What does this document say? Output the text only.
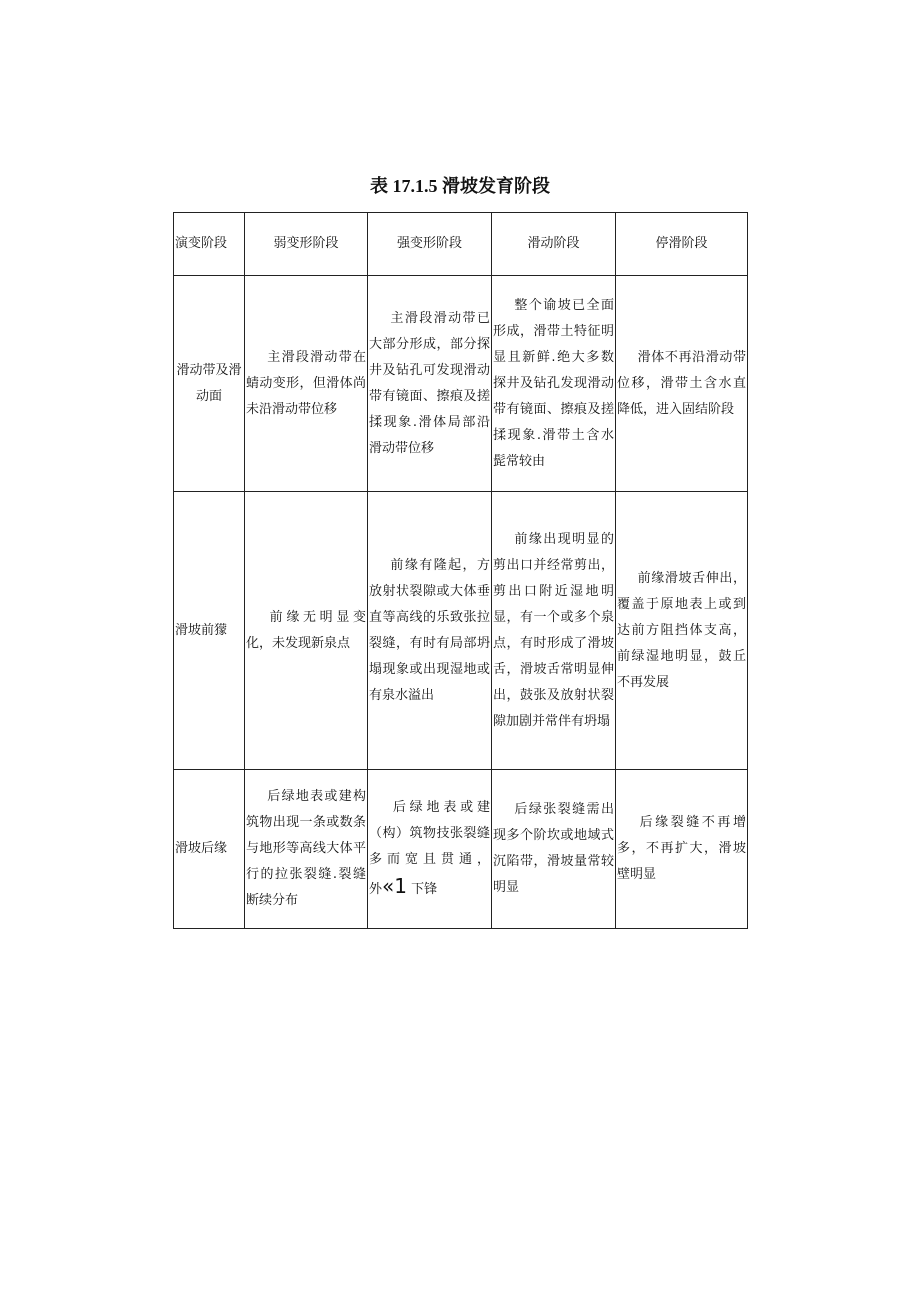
表 17.1.5 滑坡发育阶段
演变阶段	弱变形阶段	强变形阶段	滑动阶段	停滑阶段
滑动带及滑动面	主滑段滑动带在蜻动变形，但滑体尚未沿滑动带位移	主滑段滑动带已大部分形成，部分探井及钻孔可发现滑动带有镜面、擦痕及搓揉现象.滑体局部沿滑动带位移	整个谕坡已全面形成，滑带土特征明显且新鲜.绝大多数探井及钻孔发现滑动带有镜面、擦痕及搓揉现象.滑带土含水髭常较由	滑体不再沿滑动带位移，滑带土含水直降低，进入固结阶段
滑坡前獴	前缘无明显变化，未发现新泉点	前缘有隆起，方放射状裂隙或大体垂直等高线的乐致张拉裂缝，有时有局部坍塌现象或出现湿地或有泉水溢出	前缘出现明显的剪出口并经常剪出，剪出口附近湿地明显，有一个或多个泉点，有时形成了滑坡舌，滑坡舌常明显伸出，鼓张及放射状裂隙加剧并常伴有坍塌	前缘滑坡舌伸出，覆盖于原地表上或到达前方阻挡体支高，前绿湿地明显，鼓丘不再发展
滑坡后缘	后绿地表或建构筑物出现一条或数条与地形等高线大体平行的拉张裂缝.裂缝断续分布	后绿地表或建（构）筑物技张裂缝多而宽且贯通，外«1 下锋	后绿张裂缝需出现多个阶坎或地域式沉陷带，滑坡量常较明显	后缘裂缝不再增多，不再扩大，滑坡壁明显
